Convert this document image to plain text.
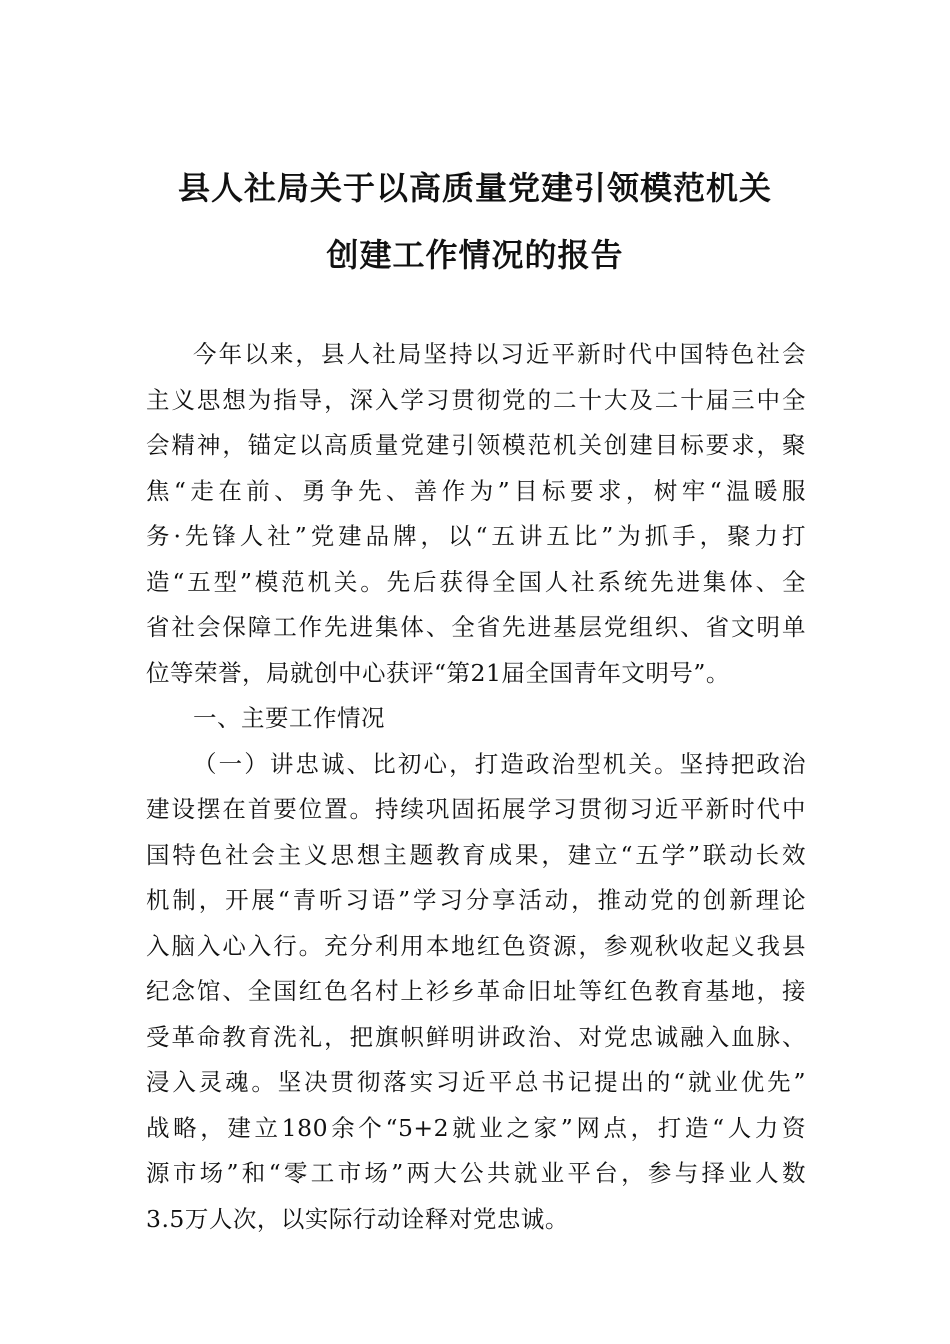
县人社局关于以高质量党建引领模范机关
创建工作情况的报告
今年以来，县人社局坚持以习近平新时代中国特色社会
主义思想为指导，深入学习贯彻党的二十大及二十届三中全
会精神，锚定以高质量党建引领模范机关创建目标要求，聚
焦“走在前、勇争先、善作为”目标要求，树牢“温暖服
务·先锋人社”党建品牌，以“五讲五比”为抓手，聚力打
造“五型”模范机关。先后获得全国人社系统先进集体、全
省社会保障工作先进集体、全省先进基层党组织、省文明单
位等荣誉，局就创中心获评“第21届全国青年文明号”。
一、主要工作情况
（一）讲忠诚、比初心，打造政治型机关。坚持把政治
建设摆在首要位置。持续巩固拓展学习贯彻习近平新时代中
国特色社会主义思想主题教育成果，建立“五学”联动长效
机制，开展“青听习语”学习分享活动，推动党的创新理论
入脑入心入行。充分利用本地红色资源，参观秋收起义我县
纪念馆、全国红色名村上衫乡革命旧址等红色教育基地，接
受革命教育洗礼，把旗帜鲜明讲政治、对党忠诚融入血脉、
浸入灵魂。坚决贯彻落实习近平总书记提出的“就业优先”
战略，建立180余个“5+2就业之家”网点，打造“人力资
源市场”和“零工市场”两大公共就业平台，参与择业人数
3.5万人次，以实际行动诠释对党忠诚。
